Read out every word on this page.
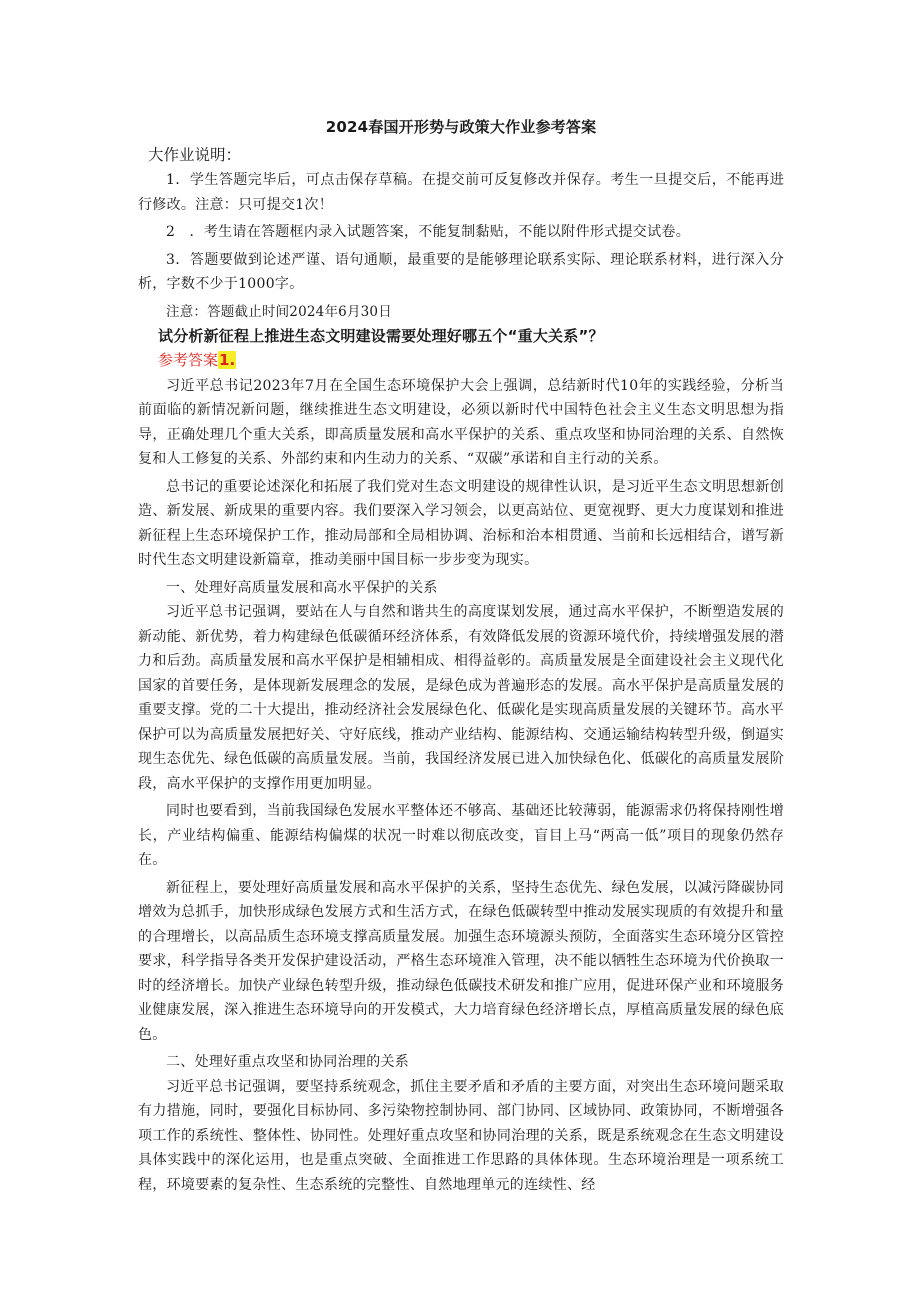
2024春国开形势与政策大作业参考答案
大作业说明：

1．学生答题完毕后，可点击保存草稿。在提交前可反复修改并保存。考生一旦提交后，不能再进行修改。注意：只可提交1次！

2　．考生请在答题框内录入试题答案，不能复制黏贴，不能以附件形式提交试卷。

3．答题要做到论述严谨、语句通顺，最重要的是能够理论联系实际、理论联系材料，进行深入分析，字数不少于1000字。

注意：答题截止时间2024年6月30日

试分析新征程上推进生态文明建设需要处理好哪五个“重大关系”？

参考答案1.

习近平总书记2023年7月在全国生态环境保护大会上强调，总结新时代10年的实践经验，分析当前面临的新情况新问题，继续推进生态文明建设，必须以新时代中国特色社会主义生态文明思想为指导，正确处理几个重大关系，即高质量发展和高水平保护的关系、重点攻坚和协同治理的关系、自然恢复和人工修复的关系、外部约束和内生动力的关系、“双碳”承诺和自主行动的关系。

总书记的重要论述深化和拓展了我们党对生态文明建设的规律性认识，是习近平生态文明思想新创造、新发展、新成果的重要内容。我们要深入学习领会，以更高站位、更宽视野、更大力度谋划和推进新征程上生态环境保护工作，推动局部和全局相协调、治标和治本相贯通、当前和长远相结合，谱写新时代生态文明建设新篇章，推动美丽中国目标一步步变为现实。

一、处理好高质量发展和高水平保护的关系

习近平总书记强调，要站在人与自然和谐共生的高度谋划发展，通过高水平保护，不断塑造发展的新动能、新优势，着力构建绿色低碳循环经济体系，有效降低发展的资源环境代价，持续增强发展的潜力和后劲。高质量发展和高水平保护是相辅相成、相得益彰的。高质量发展是全面建设社会主义现代化国家的首要任务，是体现新发展理念的发展，是绿色成为普遍形态的发展。高水平保护是高质量发展的重要支撑。党的二十大提出，推动经济社会发展绿色化、低碳化是实现高质量发展的关键环节。高水平保护可以为高质量发展把好关、守好底线，推动产业结构、能源结构、交通运输结构转型升级，倒逼实现生态优先、绿色低碳的高质量发展。当前，我国经济发展已进入加快绿色化、低碳化的高质量发展阶段，高水平保护的支撑作用更加明显。

同时也要看到，当前我国绿色发展水平整体还不够高、基础还比较薄弱，能源需求仍将保持刚性增长，产业结构偏重、能源结构偏煤的状况一时难以彻底改变，盲目上马“两高一低”项目的现象仍然存在。

新征程上，要处理好高质量发展和高水平保护的关系，坚持生态优先、绿色发展，以减污降碳协同增效为总抓手，加快形成绿色发展方式和生活方式，在绿色低碳转型中推动发展实现质的有效提升和量的合理增长，以高品质生态环境支撑高质量发展。加强生态环境源头预防，全面落实生态环境分区管控要求，科学指导各类开发保护建设活动，严格生态环境准入管理，决不能以牺牲生态环境为代价换取一时的经济增长。加快产业绿色转型升级，推动绿色低碳技术研发和推广应用，促进环保产业和环境服务业健康发展，深入推进生态环境导向的开发模式，大力培育绿色经济增长点，厚植高质量发展的绿色底色。

二、处理好重点攻坚和协同治理的关系

习近平总书记强调，要坚持系统观念，抓住主要矛盾和矛盾的主要方面，对突出生态环境问题采取有力措施，同时，要强化目标协同、多污染物控制协同、部门协同、区域协同、政策协同，不断增强各项工作的系统性、整体性、协同性。处理好重点攻坚和协同治理的关系，既是系统观念在生态文明建设具体实践中的深化运用，也是重点突破、全面推进工作思路的具体体现。生态环境治理是一项系统工程，环境要素的复杂性、生态系统的完整性、自然地理单元的连续性、经
